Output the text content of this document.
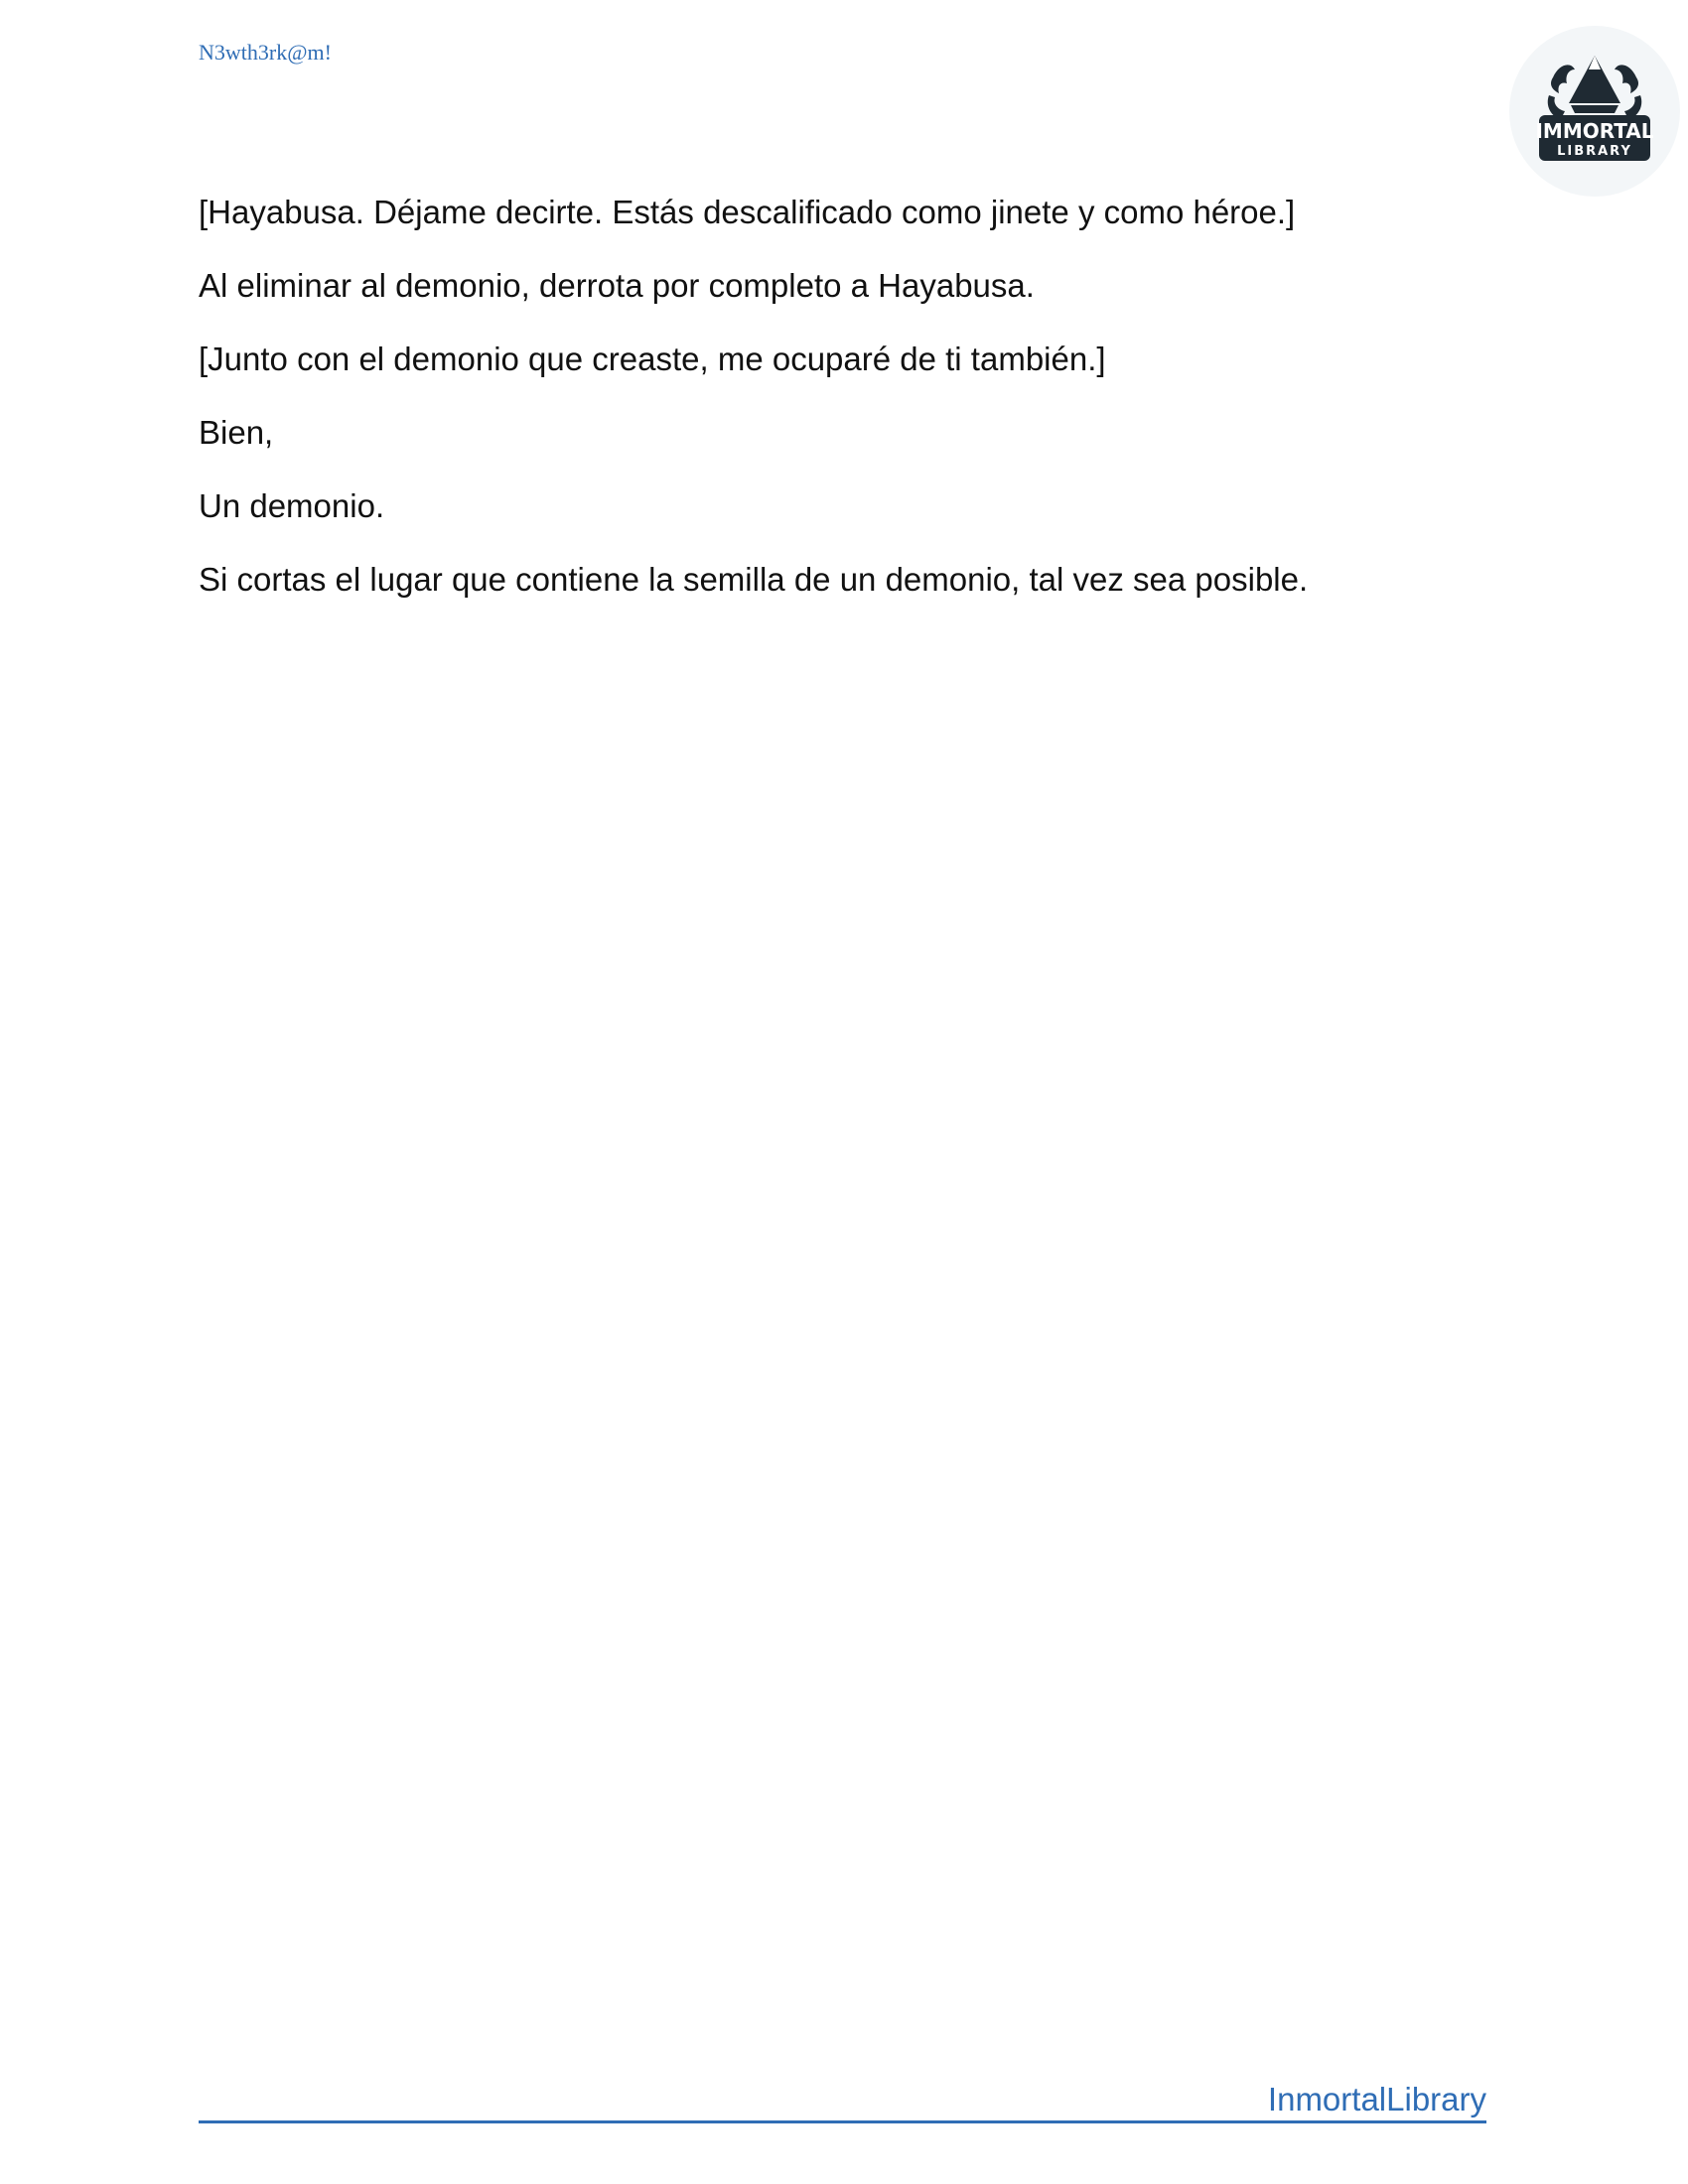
N3wth3rk@m!
IMMORTAL
LIBRARY

[Hayabusa. Déjame decirte. Estás descalificado como jinete y como héroe.]

Al eliminar al demonio, derrota por completo a Hayabusa.

[Junto con el demonio que creaste, me ocuparé de ti también.]

Bien,

Un demonio.

Si cortas el lugar que contiene la semilla de un demonio, tal vez sea posible.

InmortalLibrary
